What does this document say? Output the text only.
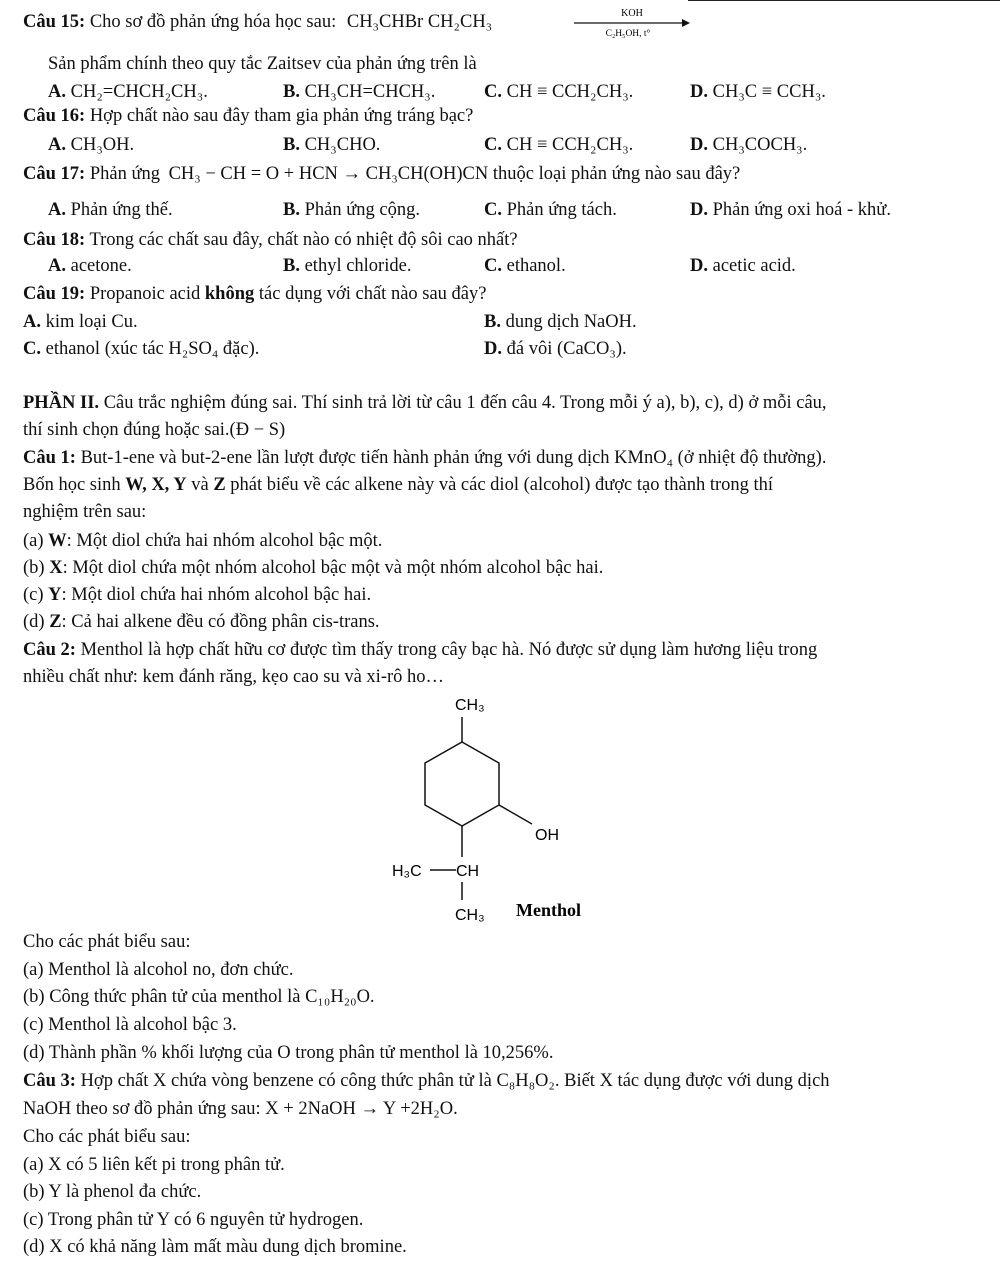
Câu 15: Cho sơ đồ phản ứng hóa học sau: CH₃CHBr CH₂CH₃	KOH
C₂H₅OH, t°
Sản phẩm chính theo quy tắc Zaitsev của phản ứng trên là
A. CH₂=CHCH₂CH₃.	B. CH₃CH=CHCH₃.	C. CH ≡ CCH₂CH₃.	D. CH₃C ≡ CCH₃.
Câu 16: Hợp chất nào sau đây tham gia phản ứng tráng bạc?
A. CH₃OH.	B. CH₃CHO.	C. CH ≡ CCH₂CH₃.	D. CH₃COCH₃.
Câu 17: Phản ứng CH₃ − CH = O + HCN → CH₃CH(OH)CN thuộc loại phản ứng nào sau đây?
A. Phản ứng thế.	B. Phản ứng cộng.	C. Phản ứng tách.	D. Phản ứng oxi hoá - khử.
Câu 18: Trong các chất sau đây, chất nào có nhiệt độ sôi cao nhất?
A. acetone.	B. ethyl chloride.	C. ethanol.	D. acetic acid.
Câu 19: Propanoic acid không tác dụng với chất nào sau đây?
A. kim loại Cu.	B. dung dịch NaOH.
C. ethanol (xúc tác H₂SO₄ đặc).	D. đá vôi (CaCO₃).
PHẦN II. Câu trắc nghiệm đúng sai. Thí sinh trả lời từ câu 1 đến câu 4. Trong mỗi ý a), b), c), d) ở mỗi câu,
thí sinh chọn đúng hoặc sai.(Đ − S)
Câu 1: But-1-ene và but-2-ene lần lượt được tiến hành phản ứng với dung dịch KMnO₄ (ở nhiệt độ thường).
Bốn học sinh W, X, Y và Z phát biểu về các alkene này và các diol (alcohol) được tạo thành trong thí
nghiệm trên sau:
(a) W: Một diol chứa hai nhóm alcohol bậc một.
(b) X: Một diol chứa một nhóm alcohol bậc một và một nhóm alcohol bậc hai.
(c) Y: Một diol chứa hai nhóm alcohol bậc hai.
(d) Z: Cả hai alkene đều có đồng phân cis-trans.
Câu 2: Menthol là hợp chất hữu cơ được tìm thấy trong cây bạc hà. Nó được sử dụng làm hương liệu trong
nhiều chất như: kem đánh răng, kẹo cao su và xi-rô ho…
CH₃
OH
H₃C CH
CH₃ Menthol
Cho các phát biểu sau:
(a) Menthol là alcohol no, đơn chức.
(b) Công thức phân tử của menthol là C₁₀H₂₀O.
(c) Menthol là alcohol bậc 3.
(d) Thành phần % khối lượng của O trong phân tử menthol là 10,256%.
Câu 3: Hợp chất X chứa vòng benzene có công thức phân tử là C₈H₈O₂. Biết X tác dụng được với dung dịch
NaOH theo sơ đồ phản ứng sau: X + 2NaOH → Y +2H₂O.
Cho các phát biểu sau:
(a) X có 5 liên kết pi trong phân tử.
(b) Y là phenol đa chức.
(c) Trong phân tử Y có 6 nguyên tử hydrogen.
(d) X có khả năng làm mất màu dung dịch bromine.
